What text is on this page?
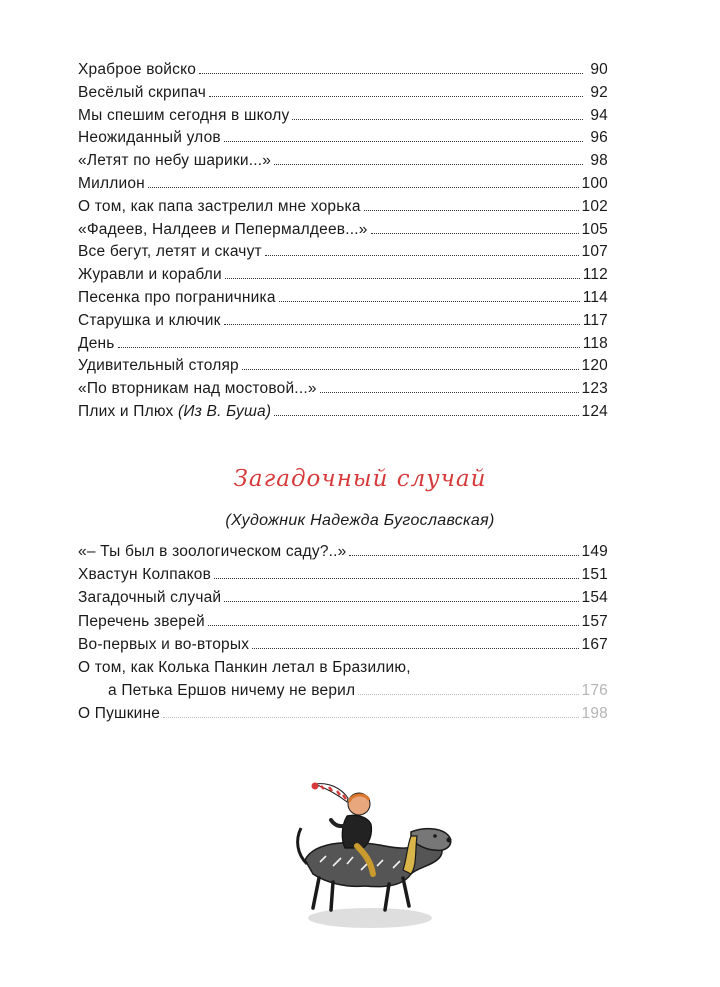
Храброе войско	90
Весёлый скрипач	92
Мы спешим сегодня в школу	94
Неожиданный улов	96
«Летят по небу шарики...»	98
Миллион	100
О том, как папа застрелил мне хорька	102
«Фадеев, Налдеев и Пепермалдеев...»	105
Все бегут, летят и скачут	107
Журавли и корабли	112
Песенка про пограничника	114
Старушка и ключик	117
День	118
Удивительный столяр	120
«По вторникам над мостовой...»	123
Плих и Плюх (Из В. Буша)	124
Загадочный случай
(Художник Надежда Бугославская)
«– Ты был в зоологическом саду?..»	149
Хвастун Колпаков	151
Загадочный случай	154
Перечень зверей	157
Во-первых и во-вторых	167
О том, как Колька Панкин летал в Бразилию,
а Петька Ершов ничему не верил	176
О Пушкине	198
